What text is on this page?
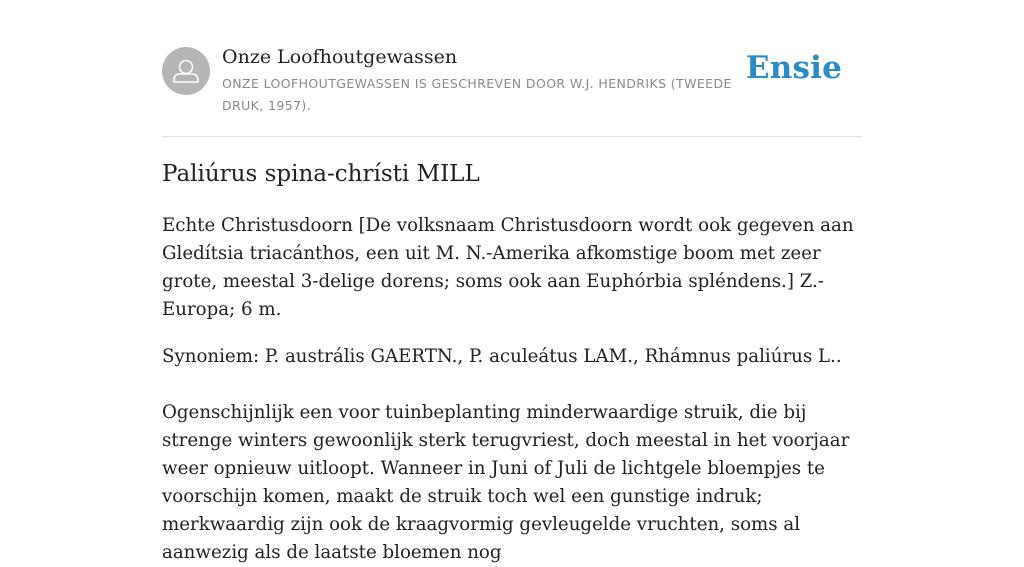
Onze Loofhoutgewassen
ONZE LOOFHOUTGEWASSEN IS GESCHREVEN DOOR W.J. HENDRIKS (TWEEDE DRUK, 1957).
Ensie
Paliúrus spina-chrísti MILL

Echte Christusdoorn [De volksnaam Christusdoorn wordt ook gegeven aan Gledítsia triacánthos, een uit M. N.-Amerika afkomstige boom met zeer grote, meestal 3-delige dorens; soms ook aan Euphórbia spléndens.] Z.-Europa; 6 m.

Synoniem: P. austrális GAERTN., P. aculeátus LAM., Rhámnus paliúrus L..

Ogenschijnlijk een voor tuinbeplanting minderwaardige struik, die bij strenge winters gewoonlijk sterk terugvriest, doch meestal in het voorjaar weer opnieuw uitloopt. Wanneer in Juni of Juli de lichtgele bloempjes te voorschijn komen, maakt de struik toch wel een gunstige indruk; merkwaardig zijn ook de kraagvormig gevleugelde vruchten, soms al aanwezig als de laatste bloemen nog
